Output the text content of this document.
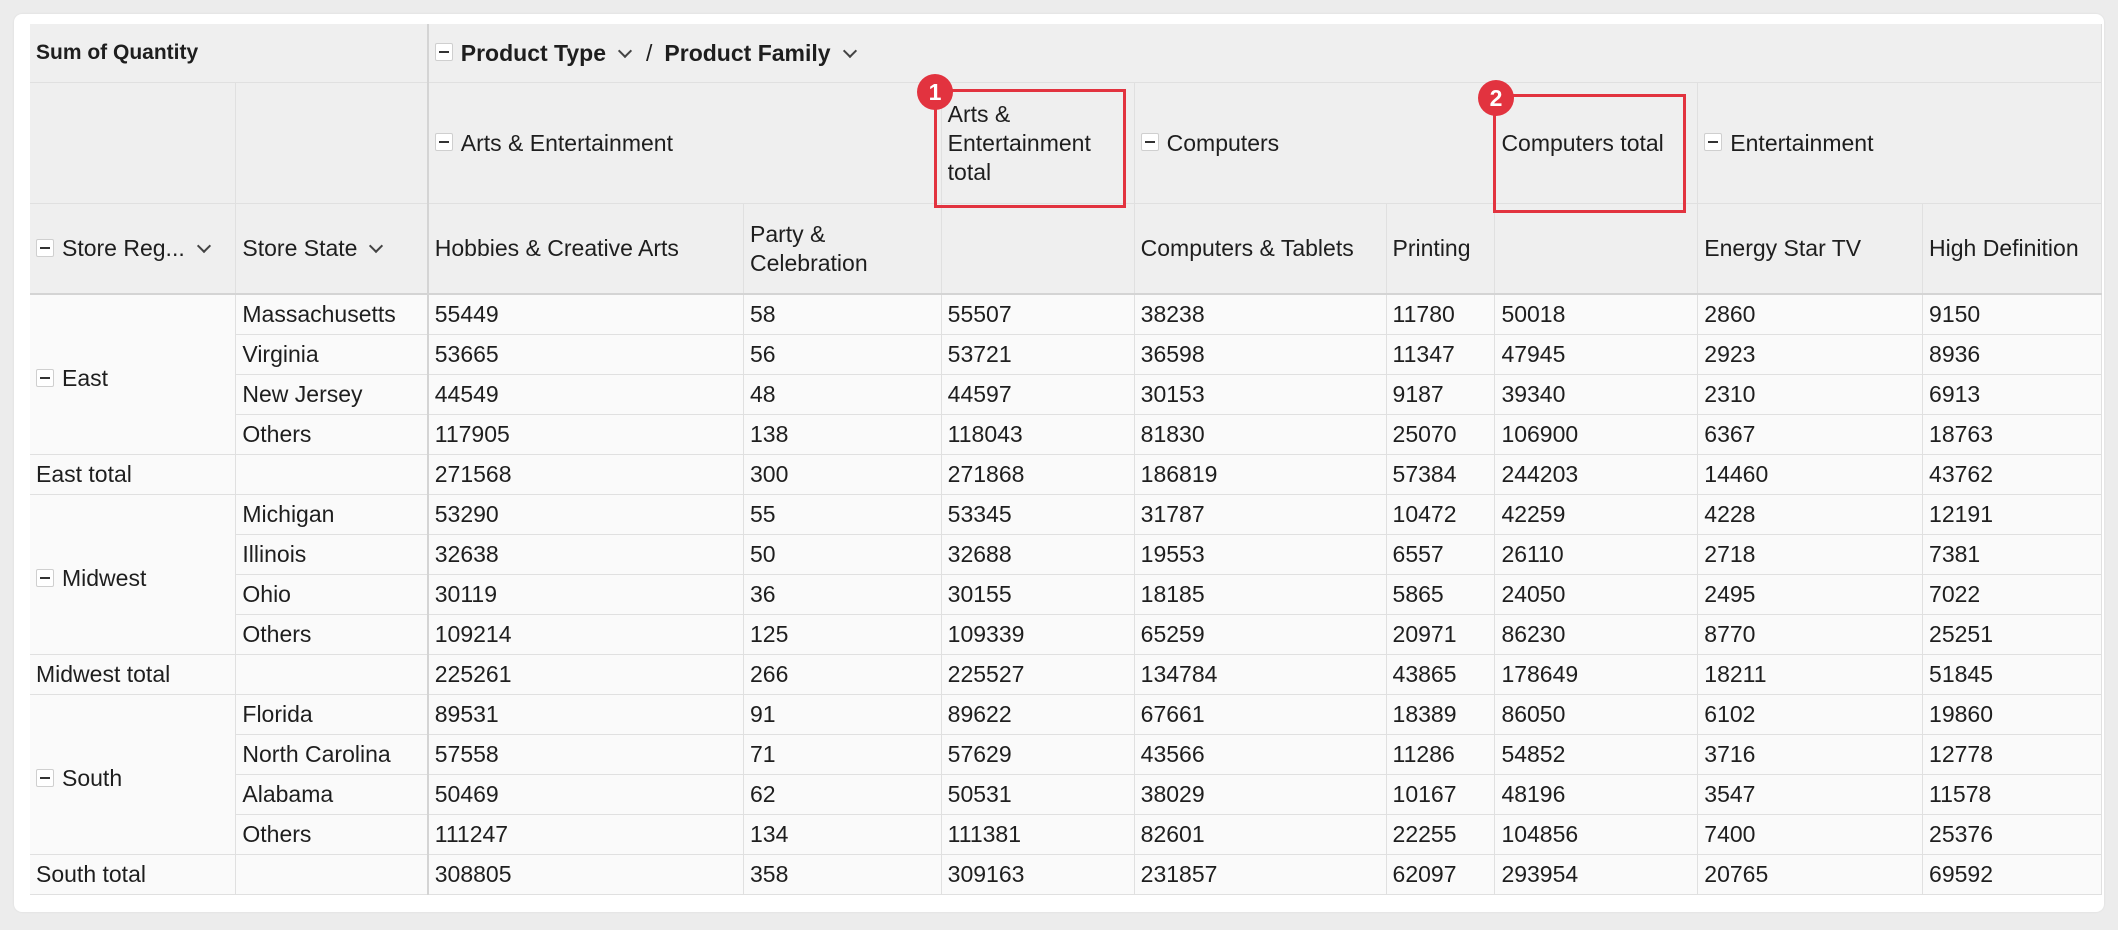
Sum of Quantity		Product Type / Product Family							
		Arts & Entertainment		Arts & Entertainment total	Computers		Computers total	Entertainment	
Store Reg...	Store State	Hobbies & Creative Arts	Party & Celebration		Computers & Tablets	Printing		Energy Star TV	High Definition
East	Massachusetts	55449	58	55507	38238	11780	50018	2860	9150
	Virginia	53665	56	53721	36598	11347	47945	2923	8936
	New Jersey	44549	48	44597	30153	9187	39340	2310	6913
	Others	117905	138	118043	81830	25070	106900	6367	18763
East total		271568	300	271868	186819	57384	244203	14460	43762
Midwest	Michigan	53290	55	53345	31787	10472	42259	4228	12191
	Illinois	32638	50	32688	19553	6557	26110	2718	7381
	Ohio	30119	36	30155	18185	5865	24050	2495	7022
	Others	109214	125	109339	65259	20971	86230	8770	25251
Midwest total		225261	266	225527	134784	43865	178649	18211	51845
South	Florida	89531	91	89622	67661	18389	86050	6102	19860
	North Carolina	57558	71	57629	43566	11286	54852	3716	12778
	Alabama	50469	62	50531	38029	10167	48196	3547	11578
	Others	111247	134	111381	82601	22255	104856	7400	25376
South total		308805	358	309163	231857	62097	293954	20765	69592
1	2
